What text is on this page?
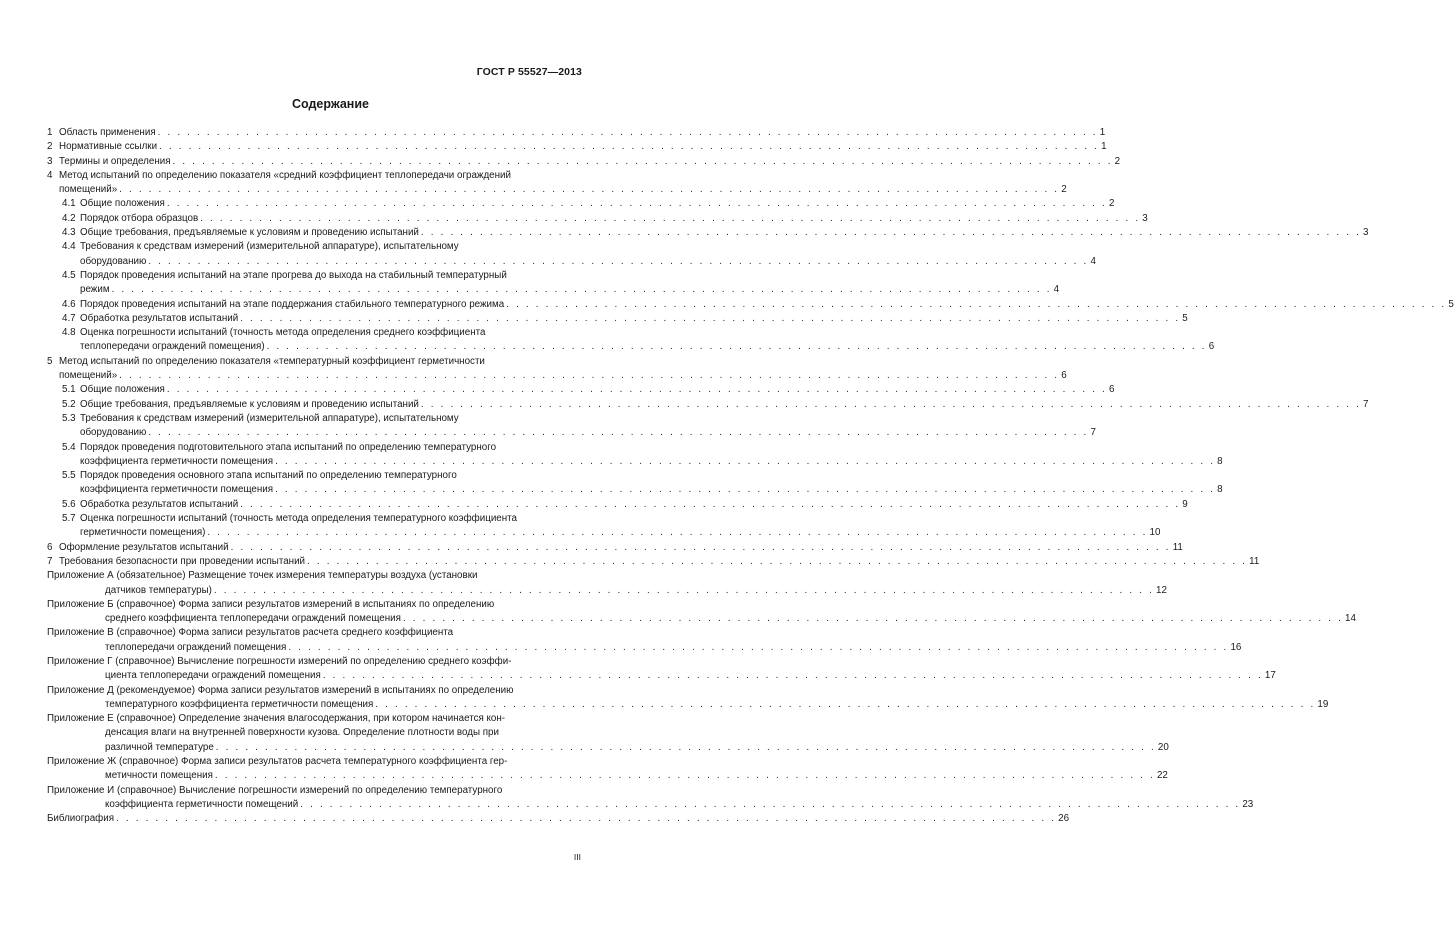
ГОСТ Р 55527—2013
Содержание
1 Область применения . . .	1
2 Нормативные ссылки . . .	1
3 Термины и определения . . .	2
4 Метод испытаний по определению показателя «средний коэффициент теплопередачи ограждений
помещений» . . .	2
4.1 Общие положения . . .	2
4.2 Порядок отбора образцов . . .	3
4.3 Общие требования, предъявляемые к условиям и проведению испытаний . . .	3
4.4 Требования к средствам измерений (измерительной аппаратуре), испытательному
оборудованию . . .	4
4.5 Порядок проведения испытаний на этапе прогрева до выхода на стабильный температурный
режим . . .	4
4.6 Порядок проведения испытаний на этапе поддержания стабильного температурного режима . . .	5
4.7 Обработка результатов испытаний . . .	5
4.8 Оценка погрешности испытаний (точность метода определения среднего коэффициента
теплопередачи ограждений помещения) . . .	6
5 Метод испытаний по определению показателя «температурный коэффициент герметичности
помещений» . . .	6
5.1 Общие положения . . .	6
5.2 Общие требования, предъявляемые к условиям и проведению испытаний . . .	7
5.3 Требования к средствам измерений (измерительной аппаратуре), испытательному
оборудованию . . .	7
5.4 Порядок проведения подготовительного этапа испытаний по определению температурного
коэффициента герметичности помещения . . .	8
5.5 Порядок проведения основного этапа испытаний по определению температурного
коэффициента герметичности помещения . . .	8
5.6 Обработка результатов испытаний . . .	9
5.7 Оценка погрешности испытаний (точность метода определения температурного коэффициента
герметичности помещения) . . .	10
6 Оформление результатов испытаний . . .	11
7 Требования безопасности при проведении испытаний . . .	11
Приложение А (обязательное) Размещение точек измерения температуры воздуха (установки
датчиков температуры) . . .	12
Приложение Б (справочное) Форма записи результатов измерений в испытаниях по определению
среднего коэффициента теплопередачи ограждений помещения . . .	14
Приложение В (справочное) Форма записи результатов расчета среднего коэффициента
теплопередачи ограждений помещения . . .	16
Приложение Г (справочное) Вычисление погрешности измерений по определению среднего коэффи-
циента теплопередачи ограждений помещения . . .	17
Приложение Д (рекомендуемое) Форма записи результатов измерений в испытаниях по определению
температурного коэффициента герметичности помещения . . .	19
Приложение Е (справочное) Определение значения влагосодержания, при котором начинается кон-
денсация влаги на внутренней поверхности кузова. Определение плотности воды при
различной температуре . . .	20
Приложение Ж (справочное) Форма записи результатов расчета температурного коэффициента гер-
метичности помещения . . .	22
Приложение И (справочное) Вычисление погрешности измерений по определению температурного
коэффициента герметичности помещений . . .	23
Библиография . . .	26
III
